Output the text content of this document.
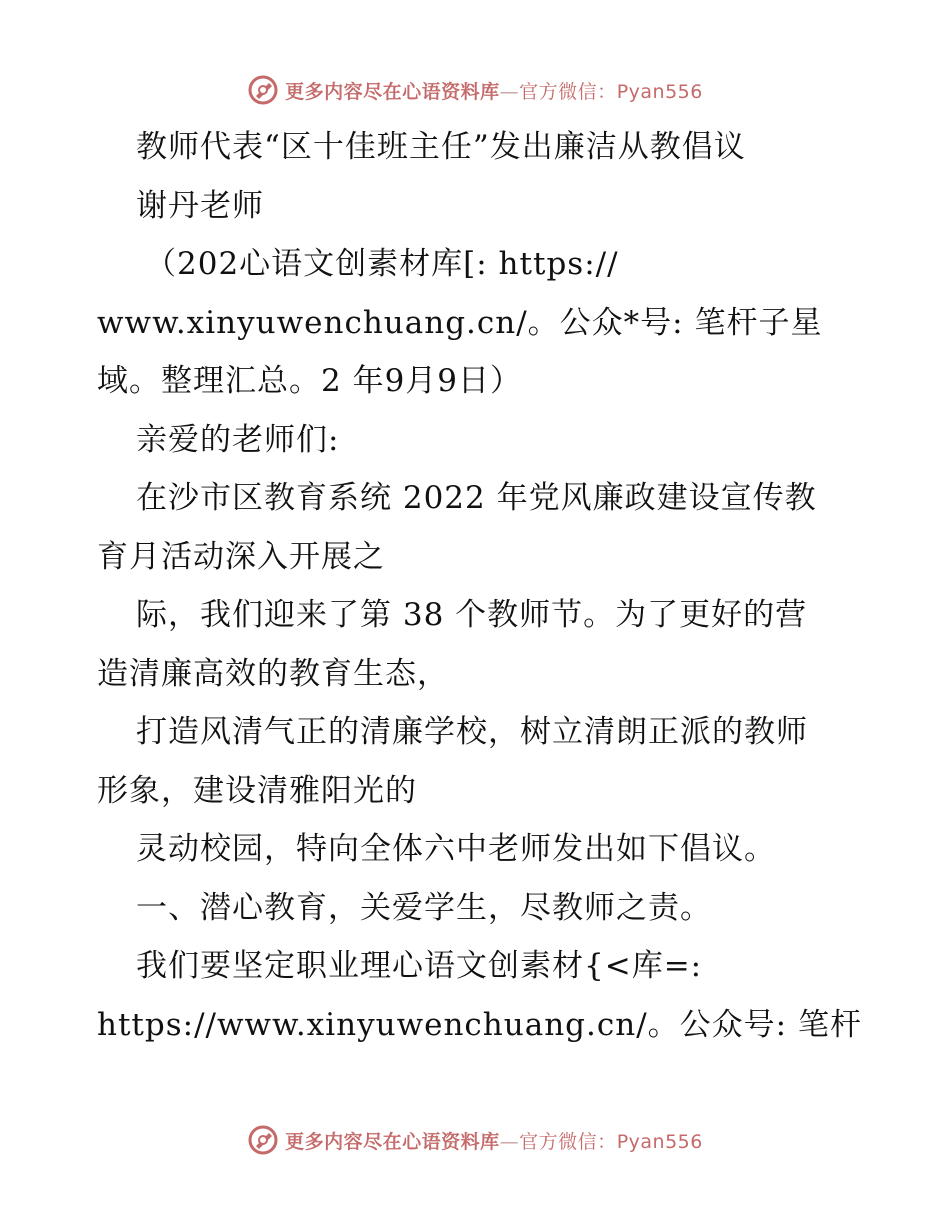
更多内容尽在心语资料库—官方微信：Pyan556
教师代表“区十佳班主任”发出廉洁从教倡议
谢丹老师
（202心语文创素材库[: https://
www.xinyuwenchuang.cn/。公众*号: 笔杆子星
域。整理汇总。2 年9月9日）
亲爱的老师们:
在沙市区教育系统 2022 年党风廉政建设宣传教
育月活动深入开展之
际，我们迎来了第 38 个教师节。为了更好的营
造清廉高效的教育生态，
打造风清气正的清廉学校，树立清朗正派的教师
形象，建设清雅阳光的
灵动校园，特向全体六中老师发出如下倡议。
一、潜心教育，关爱学生，尽教师之责。
我们要坚定职业理心语文创素材{<库=:
https://www.xinyuwenchuang.cn/。公众号: 笔杆
更多内容尽在心语资料库—官方微信：Pyan556
